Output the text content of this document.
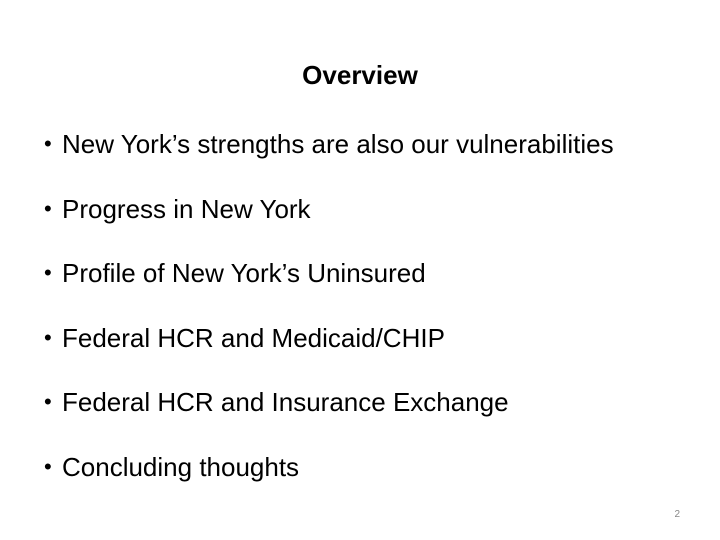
Overview
• New York’s strengths are also our vulnerabilities
• Progress in New York
• Profile of New York’s Uninsured
• Federal HCR and Medicaid/CHIP
• Federal HCR and Insurance Exchange
• Concluding thoughts
2
